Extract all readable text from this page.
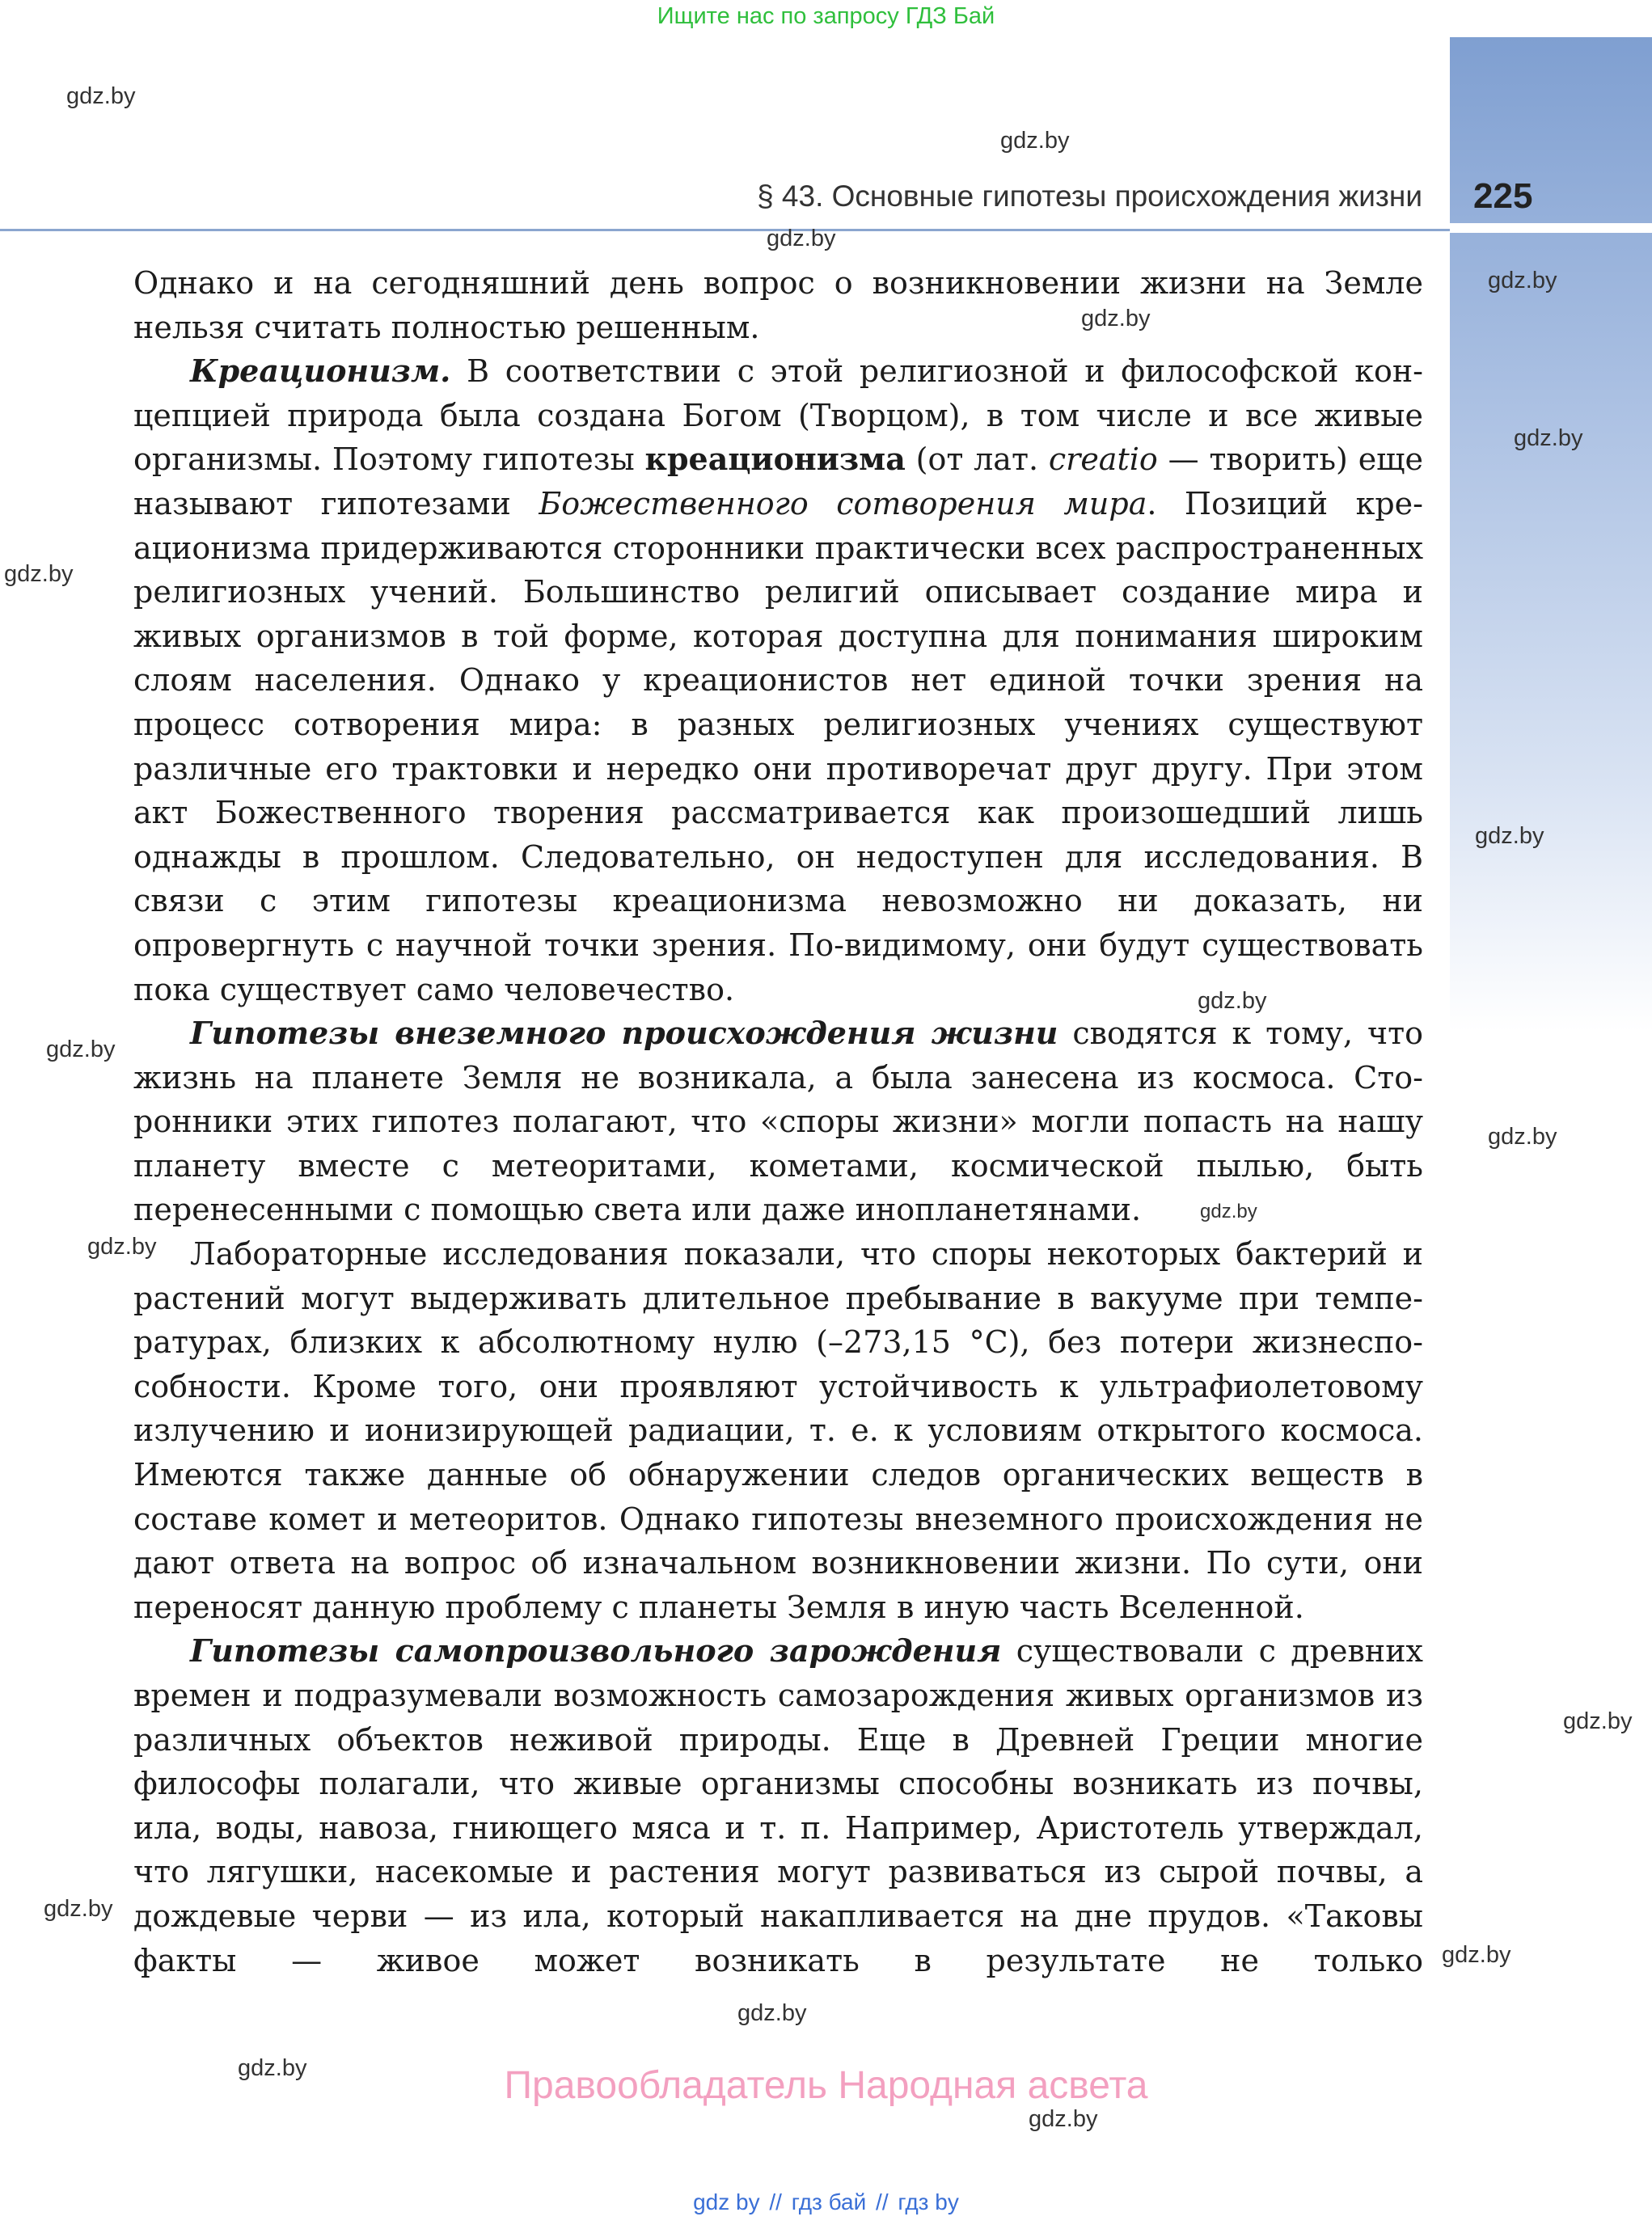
Ищите нас по запросу ГДЗ Бай
§ 43. Основные гипотезы происхождения жизни 225

Однако и на сегодняшний день вопрос о возникновении жизни на Земле нельзя считать полностью решенным.

Креационизм. В соответствии с этой религиозной и философской концепцией природа была создана Богом (Творцом), в том числе и все живые организмы. Поэтому гипотезы креационизма (от лат. creatio — творить) еще называют гипотезами Божественного сотворения мира. Позиций креационизма придерживаются сторонники практически всех распространенных религиозных учений. Большинство религий описывает создание мира и живых организмов в той форме, которая доступна для понимания широким слоям населения. Однако у креационистов нет единой точки зрения на процесс сотворения мира: в разных религиозных учениях существуют различные его трактовки и нередко они противоречат друг другу. При этом акт Божественного творения рассматривается как произошедший лишь однажды в прошлом. Следовательно, он недоступен для исследования. В связи с этим гипотезы креационизма невозможно ни доказать, ни опровергнуть с научной точки зрения. По-видимому, они будут существовать пока существует само человечество.

Гипотезы внеземного происхождения жизни сводятся к тому, что жизнь на планете Земля не возникала, а была занесена из космоса. Сторонники этих гипотез полагают, что «споры жизни» могли попасть на нашу планету вместе с метеоритами, кометами, космической пылью, быть перенесенными с помощью света или даже инопланетянами.

Лабораторные исследования показали, что споры некоторых бактерий и растений могут выдерживать длительное пребывание в вакууме при температурах, близких к абсолютному нулю (–273,15 °C), без потери жизнеспособности. Кроме того, они проявляют устойчивость к ультрафиолетовому излучению и ионизирующей радиации, т. е. к условиям открытого космоса. Имеются также данные об обнаружении следов органических веществ в составе комет и метеоритов. Однако гипотезы внеземного происхождения не дают ответа на вопрос об изначальном возникновении жизни. По сути, они переносят данную проблему с планеты Земля в иную часть Вселенной.

Гипотезы самопроизвольного зарождения существовали с древних времен и подразумевали возможность самозарождения живых организмов из различных объектов неживой природы. Еще в Древней Греции многие философы полагали, что живые организмы способны возникать из почвы, ила, воды, навоза, гниющего мяса и т. п. Например, Аристотель утверждал, что лягушки, насекомые и растения могут развиваться из сырой почвы, а дождевые черви — из ила, который накапливается на дне прудов. «Таковы факты — живое может возникать в результате не только

gdz.by
gdz.by
gdz.by
gdz.by
gdz.by
gdz.by
gdz.by
gdz.by
gdz.by
gdz.by
gdz.by
gdz.by
gdz.by
gdz.by
gdz.by
gdz.by
gdz.by
gdz.by
gdz.by
Правообладатель Народная асвета
gdz by // гдз бай // гдз by
